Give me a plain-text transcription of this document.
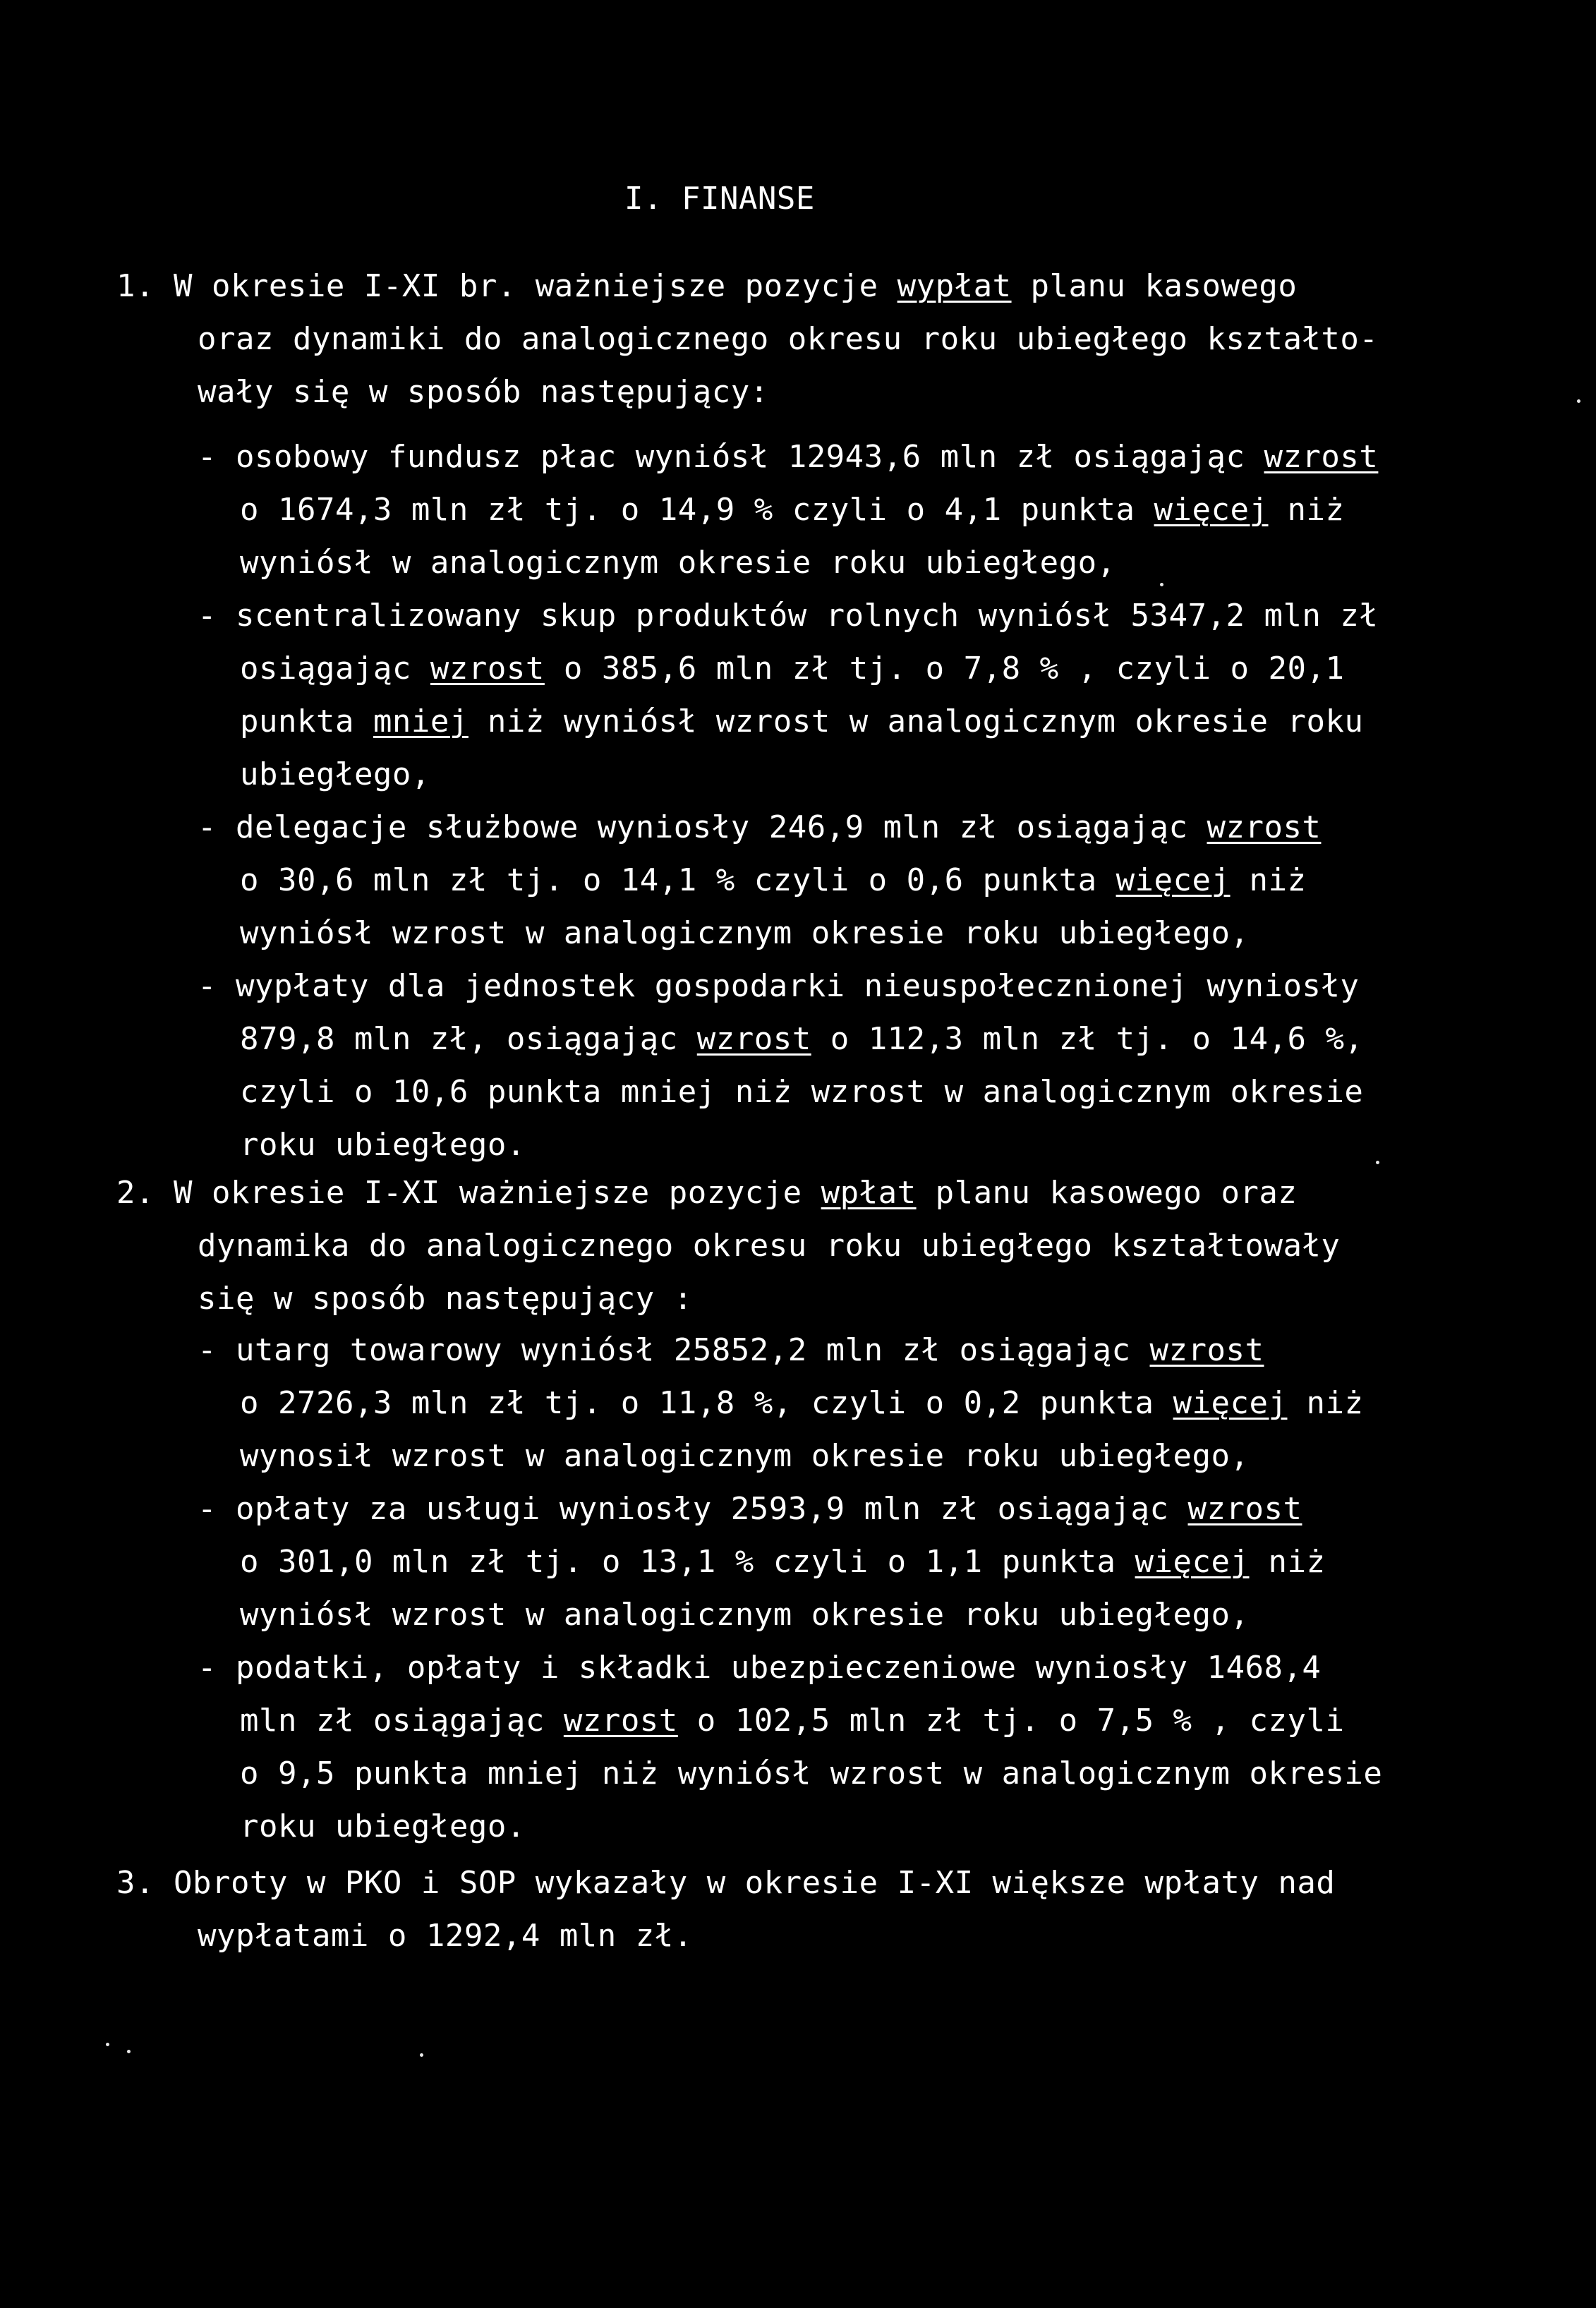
I. FINANSE
1. W okresie I-XI br. ważniejsze pozycje wypłat planu kasowego
oraz dynamiki do analogicznego okresu roku ubiegłego kształto-
wały się w sposób następujący:
- osobowy fundusz płac wyniósł 12943,6 mln zł osiągając wzrost
o 1674,3 mln zł tj. o 14,9 % czyli o 4,1 punkta więcej niż
wyniósł w analogicznym okresie roku ubiegłego,
- scentralizowany skup produktów rolnych wyniósł 5347,2 mln zł
osiągając wzrost o 385,6 mln zł tj. o 7,8 % , czyli o 20,1
punkta mniej niż wyniósł wzrost w analogicznym okresie roku
ubiegłego,
- delegacje służbowe wyniosły 246,9 mln zł osiągając wzrost
o 30,6 mln zł tj. o 14,1 % czyli o 0,6 punkta więcej niż
wyniósł wzrost w analogicznym okresie roku ubiegłego,
- wypłaty dla jednostek gospodarki nieuspołecznionej wyniosły
879,8 mln zł, osiągając wzrost o 112,3 mln zł tj. o 14,6 %,
czyli o 10,6 punkta mniej niż wzrost w analogicznym okresie
roku ubiegłego.
2. W okresie I-XI ważniejsze pozycje wpłat planu kasowego oraz
dynamika do analogicznego okresu roku ubiegłego kształtowały
się w sposób następujący :
- utarg towarowy wyniósł 25852,2 mln zł osiągając wzrost
o 2726,3 mln zł tj. o 11,8 %, czyli o 0,2 punkta więcej niż
wynosił wzrost w analogicznym okresie roku ubiegłego,
- opłaty za usługi wyniosły 2593,9 mln zł osiągając wzrost
o 301,0 mln zł tj. o 13,1 % czyli o 1,1 punkta więcej niż
wyniósł wzrost w analogicznym okresie roku ubiegłego,
- podatki, opłaty i składki ubezpieczeniowe wyniosły 1468,4
mln zł osiągając wzrost o 102,5 mln zł tj. o 7,5 % , czyli
o 9,5 punkta mniej niż wyniósł wzrost w analogicznym okresie
roku ubiegłego.
3. Obroty w PKO i SOP wykazały w okresie I-XI większe wpłaty nad
wypłatami o 1292,4 mln zł.
